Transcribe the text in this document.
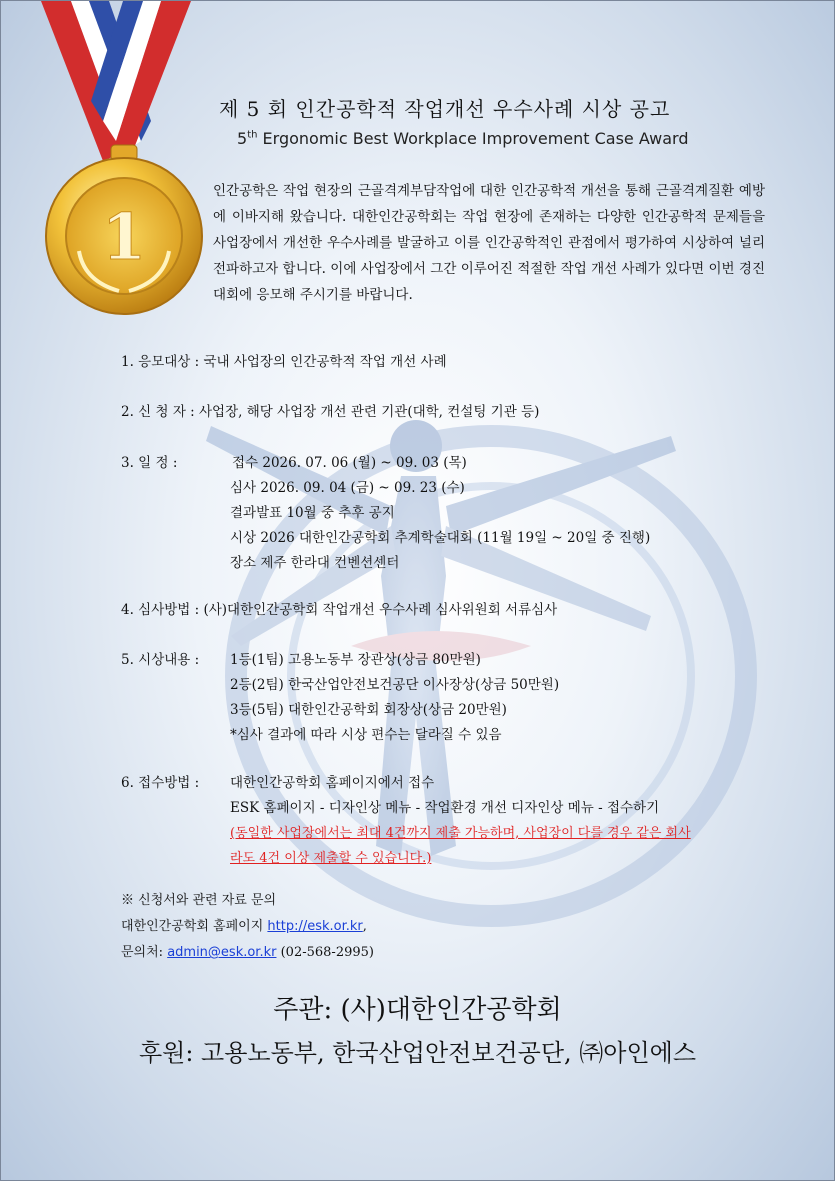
1
제 5 회 인간공학적 작업개선 우수사례 시상 공고
5th Ergonomic Best Workplace Improvement Case Award
인간공학은 작업 현장의 근골격계부담작업에 대한 인간공학적 개선을 통해 근골격계질환 예방에 이바지해 왔습니다. 대한인간공학회는 작업 현장에 존재하는 다양한 인간공학적 문제들을 사업장에서 개선한 우수사례를 발굴하고 이를 인간공학적인 관점에서 평가하여 시상하여 널리 전파하고자 합니다. 이에 사업장에서 그간 이루어진 적절한 작업 개선 사례가 있다면 이번 경진대회에 응모해 주시기를 바랍니다.
1. 응모대상 : 국내 사업장의 인간공학적 작업 개선 사례
2. 신 청 자 : 사업장, 해당 사업장 개선 관련 기관(대학, 컨설팅 기관 등)
3. 일 정 :	접수 2026. 07. 06 (월) ~ 09. 03 (목)
심사 2026. 09. 04 (금) ~ 09. 23 (수)
결과발표 10월 중 추후 공지
시상 2026 대한인간공학회 추계학술대회 (11월 19일 ~ 20일 중 진행)
장소 제주 한라대 컨벤션센터
4. 심사방법 : (사)대한인간공학회 작업개선 우수사례 심사위원회 서류심사
5. 시상내용 : 1등(1팀) 고용노동부 장관상(상금 80만원)
2등(2팀) 한국산업안전보건공단 이사장상(상금 50만원)
3등(5팀) 대한인간공학회 회장상(상금 20만원)
*심사 결과에 따라 시상 편수는 달라질 수 있음
6. 접수방법 : 대한인간공학회 홈페이지에서 접수
ESK 홈페이지 - 디자인상 메뉴 - 작업환경 개선 디자인상 메뉴 - 접수하기
(동일한 사업장에서는 최대 4건까지 제출 가능하며, 사업장이 다를 경우 같은 회사
라도 4건 이상 제출할 수 있습니다.)
※ 신청서와 관련 자료 문의
대한인간공학회 홈페이지 http://esk.or.kr,
문의처: admin@esk.or.kr (02-568-2995)
주관: (사)대한인간공학회
후원: 고용노동부, 한국산업안전보건공단, ㈜아인에스
